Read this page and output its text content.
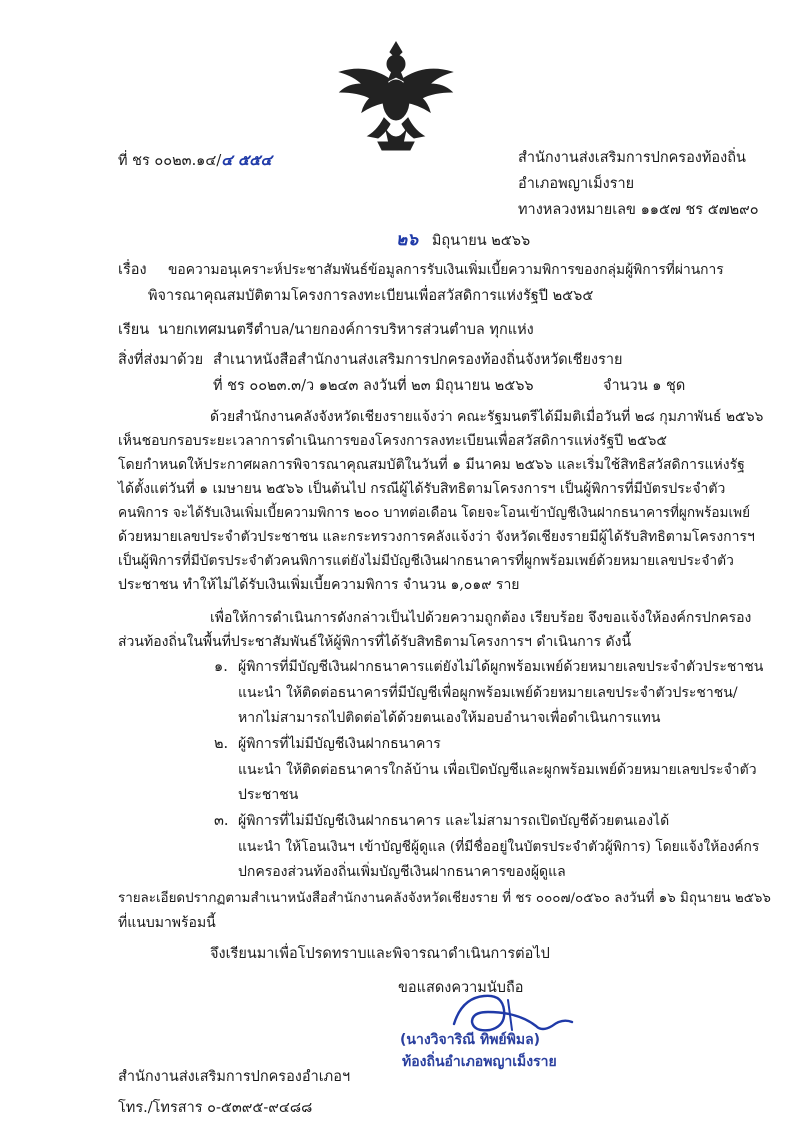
ที่ ชร ๐๐๒๓.๑๔/๔ ๕๕๔	สำนักงานส่งเสริมการปกครองท้องถิ่น
อำเภอพญาเม็งราย
ทางหลวงหมายเลข ๑๑๕๗ ชร ๕๗๒๙๐
๒๖ มิถุนายน ๒๕๖๖
เรื่อง ขอความอนุเคราะห์ประชาสัมพันธ์ข้อมูลการรับเงินเพิ่มเบี้ยความพิการของกลุ่มผู้พิการที่ผ่านการ
พิจารณาคุณสมบัติตามโครงการลงทะเบียนเพื่อสวัสดิการแห่งรัฐปี ๒๕๖๕
เรียน นายกเทศมนตรีตำบล/นายกองค์การบริหารส่วนตำบล ทุกแห่ง
สิ่งที่ส่งมาด้วย สำเนาหนังสือสำนักงานส่งเสริมการปกครองท้องถิ่นจังหวัดเชียงราย
ที่ ชร ๐๐๒๓.๓/ว ๑๒๔๓ ลงวันที่ ๒๓ มิถุนายน ๒๕๖๖	จำนวน ๑ ชุด
ด้วยสำนักงานคลังจังหวัดเชียงรายแจ้งว่า คณะรัฐมนตรีได้มีมติเมื่อวันที่ ๒๘ กุมภาพันธ์ ๒๕๖๖
เห็นชอบกรอบระยะเวลาการดำเนินการของโครงการลงทะเบียนเพื่อสวัสดิการแห่งรัฐปี ๒๕๖๕
โดยกำหนดให้ประกาศผลการพิจารณาคุณสมบัติในวันที่ ๑ มีนาคม ๒๕๖๖ และเริ่มใช้สิทธิสวัสดิการแห่งรัฐ
ได้ตั้งแต่วันที่ ๑ เมษายน ๒๕๖๖ เป็นต้นไป กรณีผู้ได้รับสิทธิตามโครงการฯ เป็นผู้พิการที่มีบัตรประจำตัว
คนพิการ จะได้รับเงินเพิ่มเบี้ยความพิการ ๒๐๐ บาทต่อเดือน โดยจะโอนเข้าบัญชีเงินฝากธนาคารที่ผูกพร้อมเพย์
ด้วยหมายเลขประจำตัวประชาชน และกระทรวงการคลังแจ้งว่า จังหวัดเชียงรายมีผู้ได้รับสิทธิตามโครงการฯ
เป็นผู้พิการที่มีบัตรประจำตัวคนพิการแต่ยังไม่มีบัญชีเงินฝากธนาคารที่ผูกพร้อมเพย์ด้วยหมายเลขประจำตัว
ประชาชน ทำให้ไม่ได้รับเงินเพิ่มเบี้ยความพิการ จำนวน ๑,๐๑๙ ราย
เพื่อให้การดำเนินการดังกล่าวเป็นไปด้วยความถูกต้อง เรียบร้อย จึงขอแจ้งให้องค์กรปกครอง
ส่วนท้องถิ่นในพื้นที่ประชาสัมพันธ์ให้ผู้พิการที่ได้รับสิทธิตามโครงการฯ ดำเนินการ ดังนี้
๑. ผู้พิการที่มีบัญชีเงินฝากธนาคารแต่ยังไม่ได้ผูกพร้อมเพย์ด้วยหมายเลขประจำตัวประชาชน
แนะนำ ให้ติดต่อธนาคารที่มีบัญชีเพื่อผูกพร้อมเพย์ด้วยหมายเลขประจำตัวประชาชน/
หากไม่สามารถไปติดต่อได้ด้วยตนเองให้มอบอำนาจเพื่อดำเนินการแทน
๒. ผู้พิการที่ไม่มีบัญชีเงินฝากธนาคาร
แนะนำ ให้ติดต่อธนาคารใกล้บ้าน เพื่อเปิดบัญชีและผูกพร้อมเพย์ด้วยหมายเลขประจำตัว
ประชาชน
๓. ผู้พิการที่ไม่มีบัญชีเงินฝากธนาคาร และไม่สามารถเปิดบัญชีด้วยตนเองได้
แนะนำ ให้โอนเงินฯ เข้าบัญชีผู้ดูแล (ที่มีชื่ออยู่ในบัตรประจำตัวผู้พิการ) โดยแจ้งให้องค์กร
ปกครองส่วนท้องถิ่นเพิ่มบัญชีเงินฝากธนาคารของผู้ดูแล
รายละเอียดปรากฏตามสำเนาหนังสือสำนักงานคลังจังหวัดเชียงราย ที่ ชร ๐๐๐๗/๐๕๖๐ ลงวันที่ ๑๖ มิถุนายน ๒๕๖๖
ที่แนบมาพร้อมนี้
จึงเรียนมาเพื่อโปรดทราบและพิจารณาดำเนินการต่อไป
ขอแสดงความนับถือ
(นางวิจาริณี ทิพย์พิมล)
ท้องถิ่นอำเภอพญาเม็งราย
สำนักงานส่งเสริมการปกครองอำเภอฯ
โทร./โทรสาร ๐-๕๓๙๕-๙๔๘๘
